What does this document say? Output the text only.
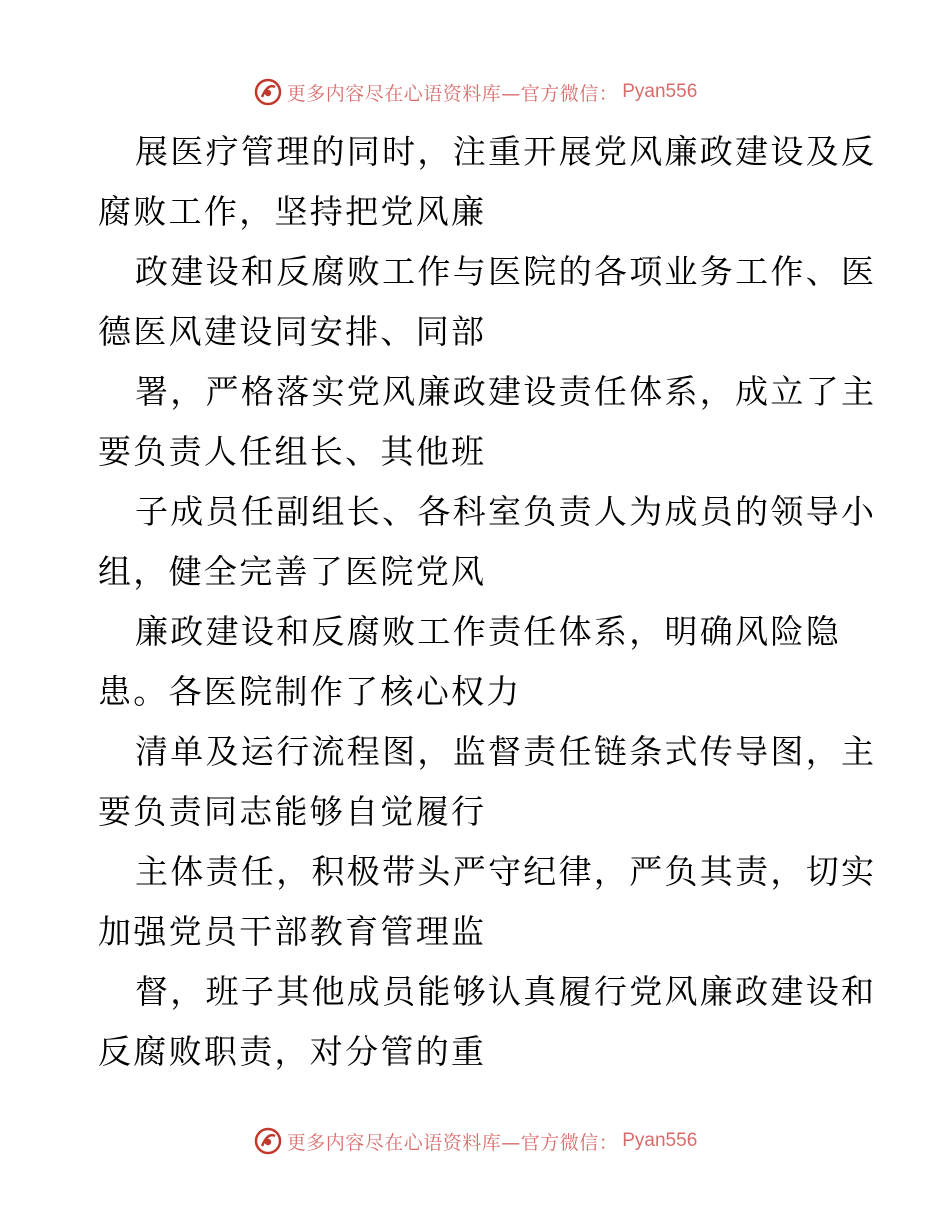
更多内容尽在心语资料库—官方微信： Pyan556

展医疗管理的同时，注重开展党风廉政建设及反
腐败工作，坚持把党风廉

政建设和反腐败工作与医院的各项业务工作、医
德医风建设同安排、同部

署，严格落实党风廉政建设责任体系，成立了主
要负责人任组长、其他班

子成员任副组长、各科室负责人为成员的领导小
组，健全完善了医院党风

廉政建设和反腐败工作责任体系，明确风险隐
患。各医院制作了核心权力

清单及运行流程图，监督责任链条式传导图，主
要负责同志能够自觉履行

主体责任，积极带头严守纪律，严负其责，切实
加强党员干部教育管理监

督，班子其他成员能够认真履行党风廉政建设和
反腐败职责，对分管的重

更多内容尽在心语资料库—官方微信： Pyan556
